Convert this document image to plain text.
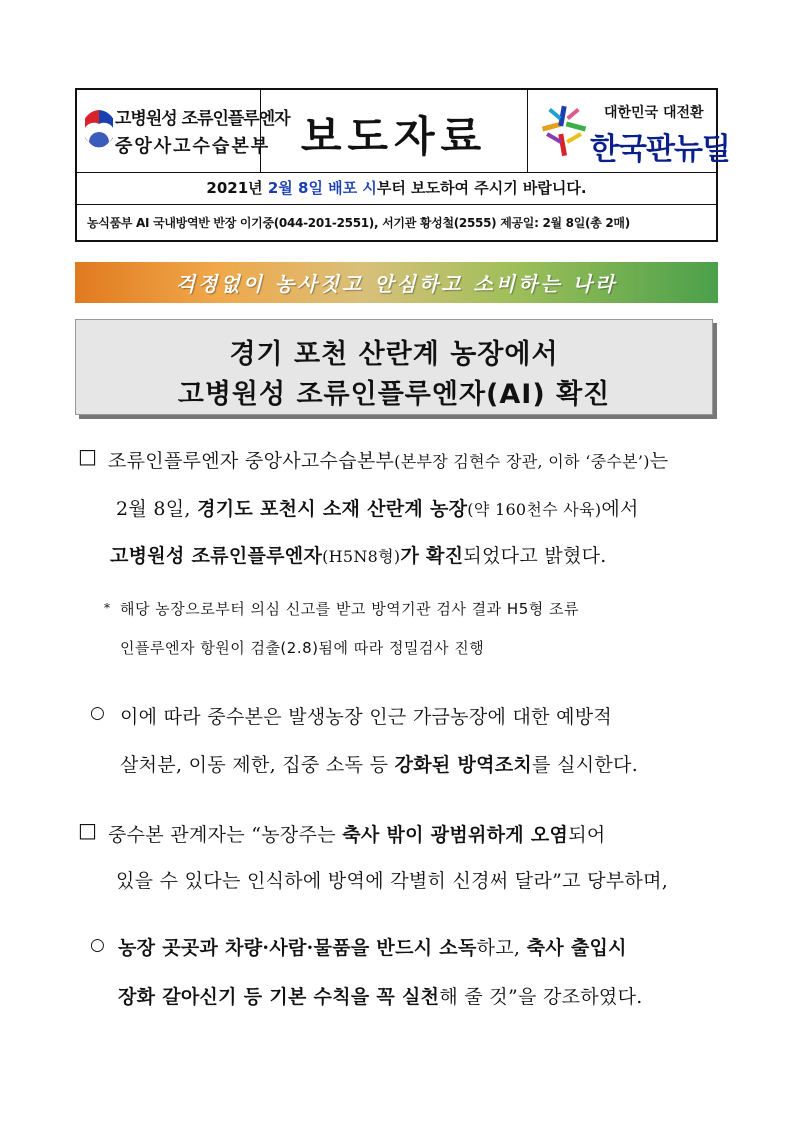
고병원성 조류인플루엔자
중앙사고수습본부 보도자료	대한민국 대전환
한국판뉴딜
2021년 2월 8일 배포 시부터 보도하여 주시기 바랍니다.
농식품부 AI 국내방역반 반장 이기중(044-201-2551), 서기관 황성철(2555) 제공일: 2월 8일(총 2매)
걱정없이 농사짓고 안심하고 소비하는 나라
경기 포천 산란계 농장에서
고병원성 조류인플루엔자(AI) 확진
□ 조류인플루엔자 중앙사고수습본부(본부장 김현수 장관, 이하 ‘중수본’)는
2월 8일, 경기도 포천시 소재 산란계 농장(약 160천수 사육)에서
고병원성 조류인플루엔자(H5N8형)가 확진되었다고 밝혔다.
* 해당 농장으로부터 의심 신고를 받고 방역기관 검사 결과 H5형 조류
인플루엔자 항원이 검출(2.8)됨에 따라 정밀검사 진행
○ 이에 따라 중수본은 발생농장 인근 가금농장에 대한 예방적
살처분, 이동 제한, 집중 소독 등 강화된 방역조치를 실시한다.
□ 중수본 관계자는 “농장주는 축사 밖이 광범위하게 오염되어
있을 수 있다는 인식하에 방역에 각별히 신경써 달라”고 당부하며,
○ 농장 곳곳과 차량·사람·물품을 반드시 소독하고, 축사 출입시
장화 갈아신기 등 기본 수칙을 꼭 실천해 줄 것”을 강조하였다.
